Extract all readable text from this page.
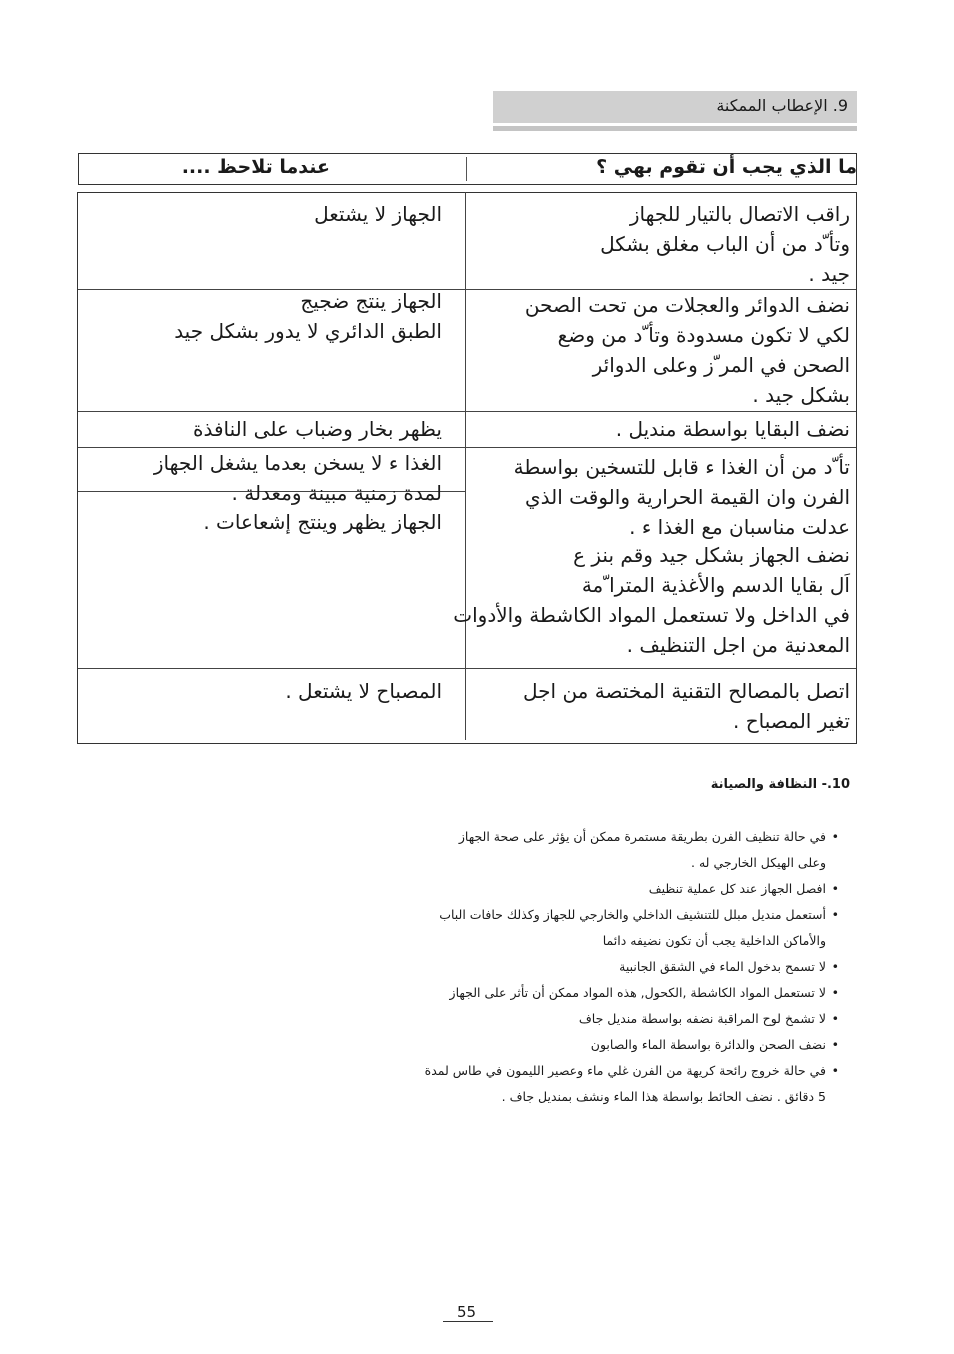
9. الإعطاب الممكنة
ما الذي يجب أن تقوم بهي ؟
عندما تلاحظ ....
راقب الاتصال بالتيار للجهاز
وتأ ّد من أن الباب مغلق بشكل
جيد .
الجهاز لا يشتعل
نضف الدوائر والعجلات من تحت الصحن
لكي لا تكون مسدودة وتأ ّد من وضع
الصحن في المر ّز وعلى الدوائر
بشكل جيد .
الجهاز ينتج ضجيج
الطبق الدائري لا يدور بشكل جيد
نضف البقايا بواسطة منديل .
يظهر بخار وضباب على النافذة
تأ ّد من أن الغذا ء قابل للتسخين بواسطة
الفرن وان القيمة الحرارية والوقت الذي
عدلت مناسبان مع الغذا ء .
الغذا ء لا يسخن بعدما يشغل الجهاز
لمدة زمنية مبينة ومعدلة .
نضف الجهاز بشكل جيد وقم بنز ع
اَل بقايا الدسم والأغذية المترا ّمة
في الداخل ولا تستعمل المواد الكاشطة والأدوات
المعدنية من اجل التنظيف .
الجهاز يظهر وينتج إشعاعات .
اتصل بالمصالح التقنية المختصة من اجل
تغير المصباح .
المصباح لا يشتعل .
10.- النظافة والصيانة
• في حالة تنظيف الفرن بطريقة مستمرة ممكن أن يؤثر على صحة الجهاز
وعلى الهيكل الخارجي له .
• افصل الجهاز عند كل عملية تنظيف
• أستعمل منديل مبلل للتنشيف الداخلي والخارجي للجهاز وكذلك حافات الباب
والأماكن الداخلية يجب أن تكون نضيفه دائما
• لا تسمح بدخول الماء في الشقق الجانبية
• لا تستعمل المواد الكاشطة ,الكحول, هذه المواد ممكن أن تأثر على الجهاز
• لا تشمخ لوح المراقبة نضفه بواسطة منديل جاف
• نضف الصحن والدائرة بواسطة الماء والصابون
• في حالة خروج رائحة كريهة من الفرن غلي ماء وعصير الليمون في طاس لمدة
5 دقائق . نضف الحائط بواسطة هذا الماء ونشف بمنديل جاف .
55
